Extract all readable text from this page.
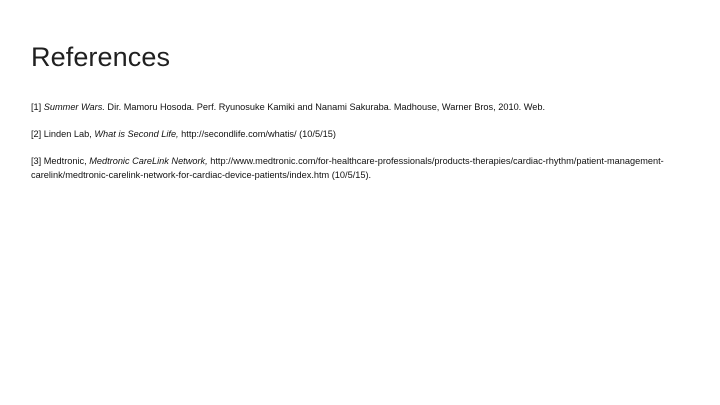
References
[1] Summer Wars. Dir. Mamoru Hosoda. Perf. Ryunosuke Kamiki and Nanami Sakuraba. Madhouse, Warner Bros, 2010. Web.
[2] Linden Lab, What is Second Life, http://secondlife.com/whatis/ (10/5/15)
[3] Medtronic, Medtronic CareLink Network, http://www.medtronic.com/for-healthcare-professionals/products-therapies/cardiac-rhythm/patient-management-carelink/medtronic-carelink-network-for-cardiac-device-patients/index.htm (10/5/15).
